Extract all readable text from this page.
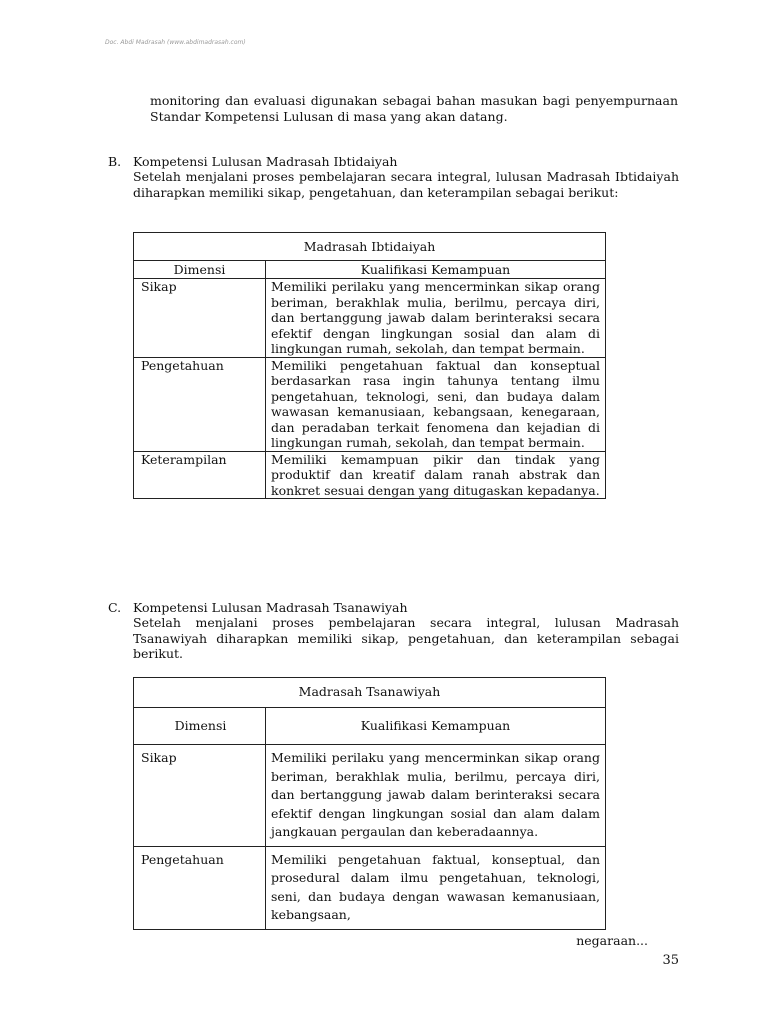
Doc. Abdi Madrasah (www.abdimadrasah.com)
monitoring dan evaluasi digunakan sebagai bahan masukan bagi penyempurnaan Standar Kompetensi Lulusan di masa yang akan datang.
B. Kompetensi Lulusan Madrasah Ibtidaiyah
Setelah menjalani proses pembelajaran secara integral, lulusan Madrasah Ibtidaiyah diharapkan memiliki sikap, pengetahuan, dan keterampilan sebagai berikut:
Madrasah Ibtidaiyah	
Dimensi	Kualifikasi Kemampuan
Sikap	Memiliki perilaku yang mencerminkan sikap orang beriman, berakhlak mulia, berilmu, percaya diri, dan bertanggung jawab dalam berinteraksi secara efektif dengan lingkungan sosial dan alam di lingkungan rumah, sekolah, dan tempat bermain.
Pengetahuan	Memiliki pengetahuan faktual dan konseptual berdasarkan rasa ingin tahunya tentang ilmu pengetahuan, teknologi, seni, dan budaya dalam wawasan kemanusiaan, kebangsaan, kenegaraan, dan peradaban terkait fenomena dan kejadian di lingkungan rumah, sekolah, dan tempat bermain.
Keterampilan	Memiliki kemampuan pikir dan tindak yang produktif dan kreatif dalam ranah abstrak dan konkret sesuai dengan yang ditugaskan kepadanya.
C. Kompetensi Lulusan Madrasah Tsanawiyah
Setelah menjalani proses pembelajaran secara integral, lulusan Madrasah Tsanawiyah diharapkan memiliki sikap, pengetahuan, dan keterampilan sebagai berikut.
Madrasah Tsanawiyah	
Dimensi	Kualifikasi Kemampuan
Sikap	Memiliki perilaku yang mencerminkan sikap orang beriman, berakhlak mulia, berilmu, percaya diri, dan bertanggung jawab dalam berinteraksi secara efektif dengan lingkungan sosial dan alam dalam jangkauan pergaulan dan keberadaannya.
Pengetahuan	Memiliki pengetahuan faktual, konseptual, dan prosedural dalam ilmu pengetahuan, teknologi, seni, dan budaya dengan wawasan kemanusiaan, kebangsaan,
negaraan...
35
